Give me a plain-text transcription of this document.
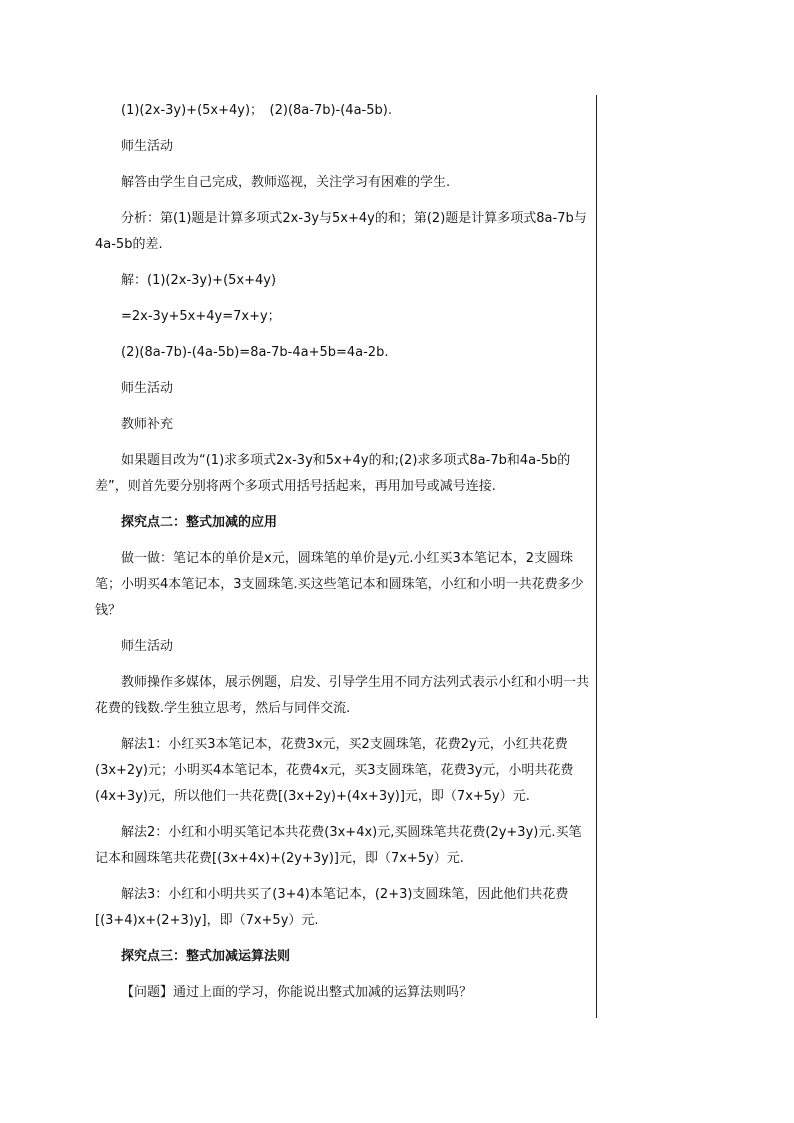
(1)(2x-3y)+(5x+4y)；　(2)(8a-7b)-(4a-5b).

师生活动

解答由学生自己完成，教师巡视，关注学习有困难的学生.

分析：第(1)题是计算多项式2x-3y与5x+4y的和；第(2)题是计算多项式8a-7b与4a-5b的差.

解：(1)(2x-3y)+(5x+4y)

=2x-3y+5x+4y=7x+y；

(2)(8a-7b)-(4a-5b)=8a-7b-4a+5b=4a-2b.

师生活动

教师补充

如果题目改为“(1)求多项式2x-3y和5x+4y的和;(2)求多项式8a-7b和4a-5b的差”，则首先要分别将两个多项式用括号括起来，再用加号或减号连接.

探究点二：整式加减的应用

做一做：笔记本的单价是x元，圆珠笔的单价是y元.小红买3本笔记本，2支圆珠笔；小明买4本笔记本，3支圆珠笔.买这些笔记本和圆珠笔，小红和小明一共花费多少钱？

师生活动

教师操作多媒体，展示例题，启发、引导学生用不同方法列式表示小红和小明一共花费的钱数.学生独立思考，然后与同伴交流.

解法1：小红买3本笔记本，花费3x元，买2支圆珠笔，花费2y元，小红共花费(3x+2y)元；小明买4本笔记本，花费4x元，买3支圆珠笔，花费3y元，小明共花费(4x+3y)元，所以他们一共花费[(3x+2y)+(4x+3y)]元，即（7x+5y）元.

解法2：小红和小明买笔记本共花费(3x+4x)元,买圆珠笔共花费(2y+3y)元.买笔记本和圆珠笔共花费[(3x+4x)+(2y+3y)]元，即（7x+5y）元.

解法3：小红和小明共买了(3+4)本笔记本，(2+3)支圆珠笔，因此他们共花费[(3+4)x+(2+3)y]，即（7x+5y）元.

探究点三：整式加减运算法则

【问题】通过上面的学习，你能说出整式加减的运算法则吗？
